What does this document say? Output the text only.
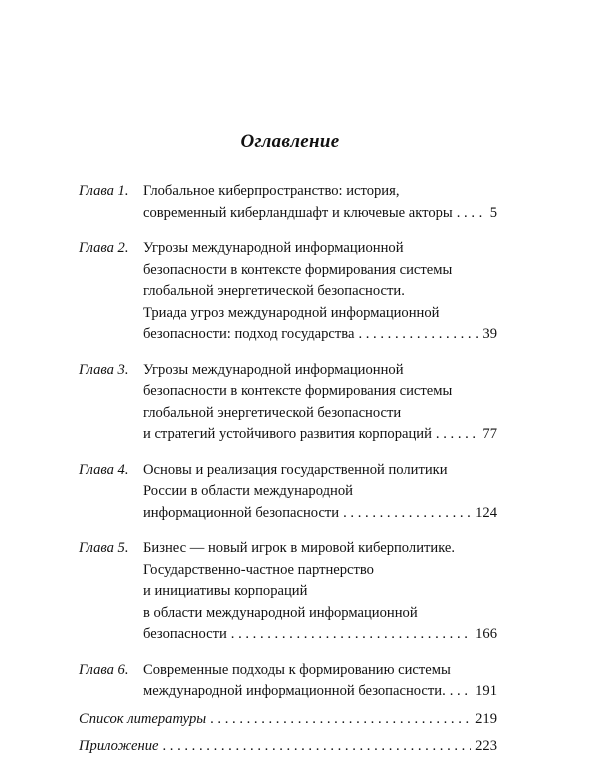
Оглавление
Глава 1. Глобальное киберпространство: история,
современный киберландшафт и ключевые акторы . . .	5
Глава 2. Угрозы международной информационной
безопасности в контексте формирования системы
глобальной энергетической безопасности.
Триада угроз международной информационной
безопасности: подход государства . . .	39
Глава 3. Угрозы международной информационной
безопасности в контексте формирования системы
глобальной энергетической безопасности
и стратегий устойчивого развития корпораций . . .	77
Глава 4. Основы и реализация государственной политики
России в области международной
информационной безопасности . . .	124
Глава 5. Бизнес — новый игрок в мировой киберполитике.
Государственно-частное партнерство
и инициативы корпораций
в области международной информационной
безопасности . . .	166
Глава 6. Современные подходы к формированию системы
международной информационной безопасности. . . . 191
Список литературы . . .	219
Приложение . . .	223
